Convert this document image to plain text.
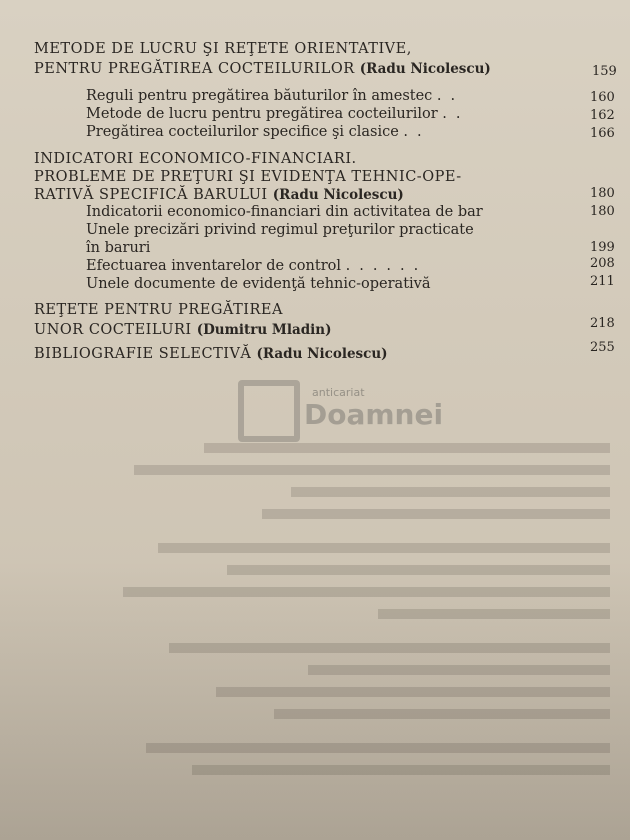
METODE DE LUCRU ŞI REŢETE ORIENTATIVE,
PENTRU PREGĂTIREA COCTEILURILOR (Radu Nicolescu)	159
Reguli pentru pregătirea băuturilor în amestec ..	160
Metode de lucru pentru pregătirea cocteilurilor ..	162
Pregătirea cocteilurilor specifice şi clasice ..	166
INDICATORI ECONOMICO-FINANCIARI.
PROBLEME DE PREŢURI ŞI EVIDENŢA TEHNIC-OPE-
RATIVĂ SPECIFICĂ BARULUI (Radu Nicolescu)	180
Indicatorii economico-financiari din activitatea de bar	180
Unele precizări privind regimul preţurilor practicate
în baruri	199
Efectuarea inventarelor de control ......	208
Unele documente de evidenţă tehnic-operativă	211
REŢETE PENTRU PREGĂTIREA
UNOR COCTEILURI (Dumitru Mladin)	218
BIBLIOGRAFIE SELECTIVĂ (Radu Nicolescu)	255
anticariat
Doamnei
